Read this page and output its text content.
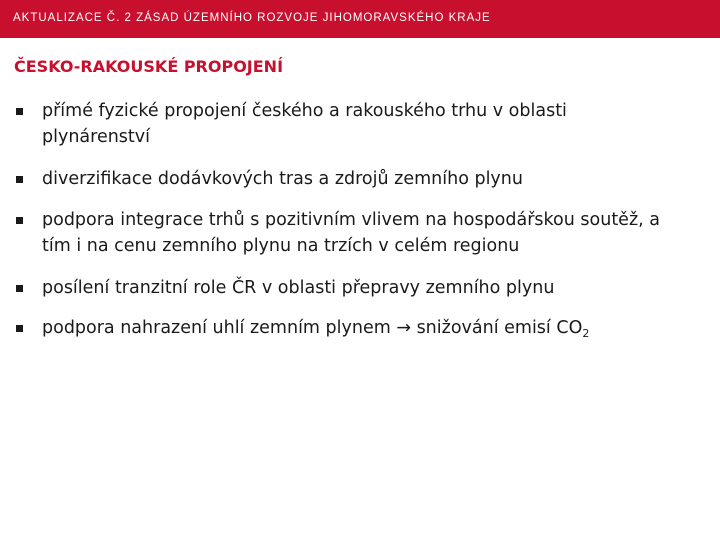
AKTUALIZACE Č. 2 ZÁSAD ÚZEMNÍHO ROZVOJE JIHOMORAVSKÉHO KRAJE
ČESKO-RAKOUSKÉ PROPOJENÍ
přímé fyzické propojení českého a rakouského trhu v oblasti plynárenství
diverzifikace dodávkových tras a zdrojů zemního plynu
podpora integrace trhů s pozitivním vlivem na hospodářskou soutěž, a tím i na cenu zemního plynu na trzích v celém regionu
posílení tranzitní role ČR v oblasti přepravy zemního plynu
podpora nahrazení uhlí zemním plynem → snižování emisí $CO_2$
